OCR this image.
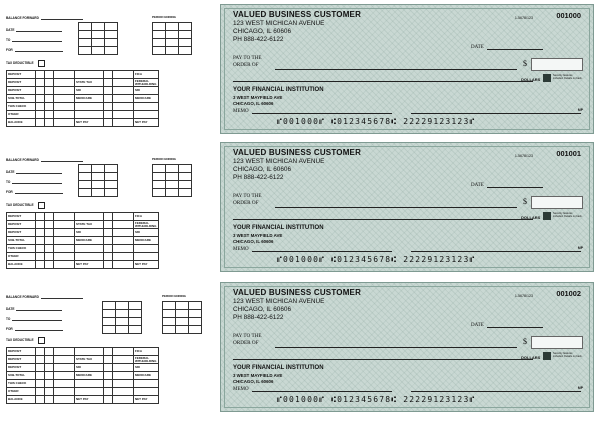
BALANCE FORWARD
DATE
TO
FOR

PERIOD ENDING
TAX DEDUCTIBLE
DEPOSIT							FICA
DEPOSIT				STATE TAX			FEDERAL WITHHOLDING
DEPOSIT				SDI			SDI
SUB-TOTAL				MEDICARE			MEDICARE
THIS CHECK							
OTHER							
BALANCE				NET PAY			NET PAY
BALANCE FORWARD
DATE
TO
FOR

PERIOD ENDING
TAX DEDUCTIBLE
DEPOSIT							FICA
DEPOSIT				STATE TAX			FEDERAL WITHHOLDING
DEPOSIT				SDI			SDI
SUB-TOTAL				MEDICARE			MEDICARE
THIS CHECK							
OTHER							
BALANCE				NET PAY			NET PAY
BALANCE FORWARD
DATE
TO
FOR

PERIOD ENDING
TAX DEDUCTIBLE
DEPOSIT							FICA
DEPOSIT				STATE TAX			FEDERAL WITHHOLDING
DEPOSIT				SDI			SDI
SUB-TOTAL				MEDICARE			MEDICARE
THIS CHECK							
OTHER							
BALANCE				NET PAY			NET PAY
VALUED BUSINESS CUSTOMER
123 WEST MICHICAN AVENUE
CHICAGO, IL 60606
PH 888-422-6122
1-5678/123	001000
DATE
PAY TO THE
ORDER OF	$
DOLLARS
Security features included. Details on back.
YOUR FINANCIAL INSTITUTION
3 WEST MAYFIELD AVE
CHICAGO, IL 60606
MEMO	MP
⑈001000⑈ ⑆012345678⑆ 22229123123⑈
VALUED BUSINESS CUSTOMER
123 WEST MICHICAN AVENUE
CHICAGO, IL 60606
PH 888-422-6122
1-5678/123	001001
DATE
PAY TO THE
ORDER OF	$
DOLLARS
Security features included. Details on back.
YOUR FINANCIAL INSTITUTION
3 WEST MAYFIELD AVE
CHICAGO, IL 60606
MEMO	MP
⑈001000⑈ ⑆012345678⑆ 22229123123⑈
VALUED BUSINESS CUSTOMER
123 WEST MICHICAN AVENUE
CHICAGO, IL 60606
PH 888-422-6122
1-5678/123	001002
DATE
PAY TO THE
ORDER OF	$
DOLLARS
Security features included. Details on back.
YOUR FINANCIAL INSTITUTION
3 WEST MAYFIELD AVE
CHICAGO, IL 60606
MEMO	MP
⑈001000⑈ ⑆012345678⑆ 22229123123⑈
